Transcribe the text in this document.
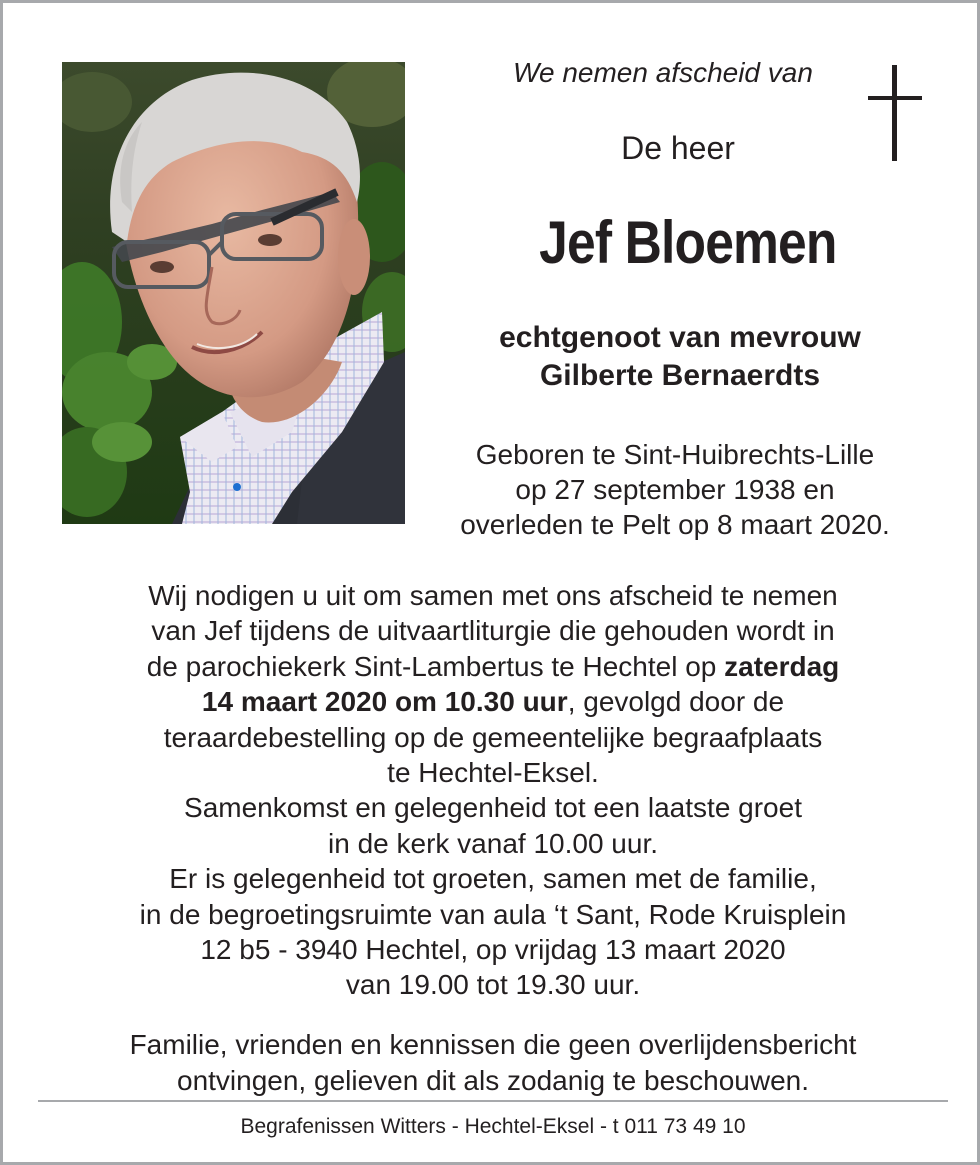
We nemen afscheid van

De heer

Jef Bloemen

echtgenoot van mevrouw
Gilberte Bernaerdts

Geboren te Sint-Huibrechts-Lille
op 27 september 1938 en
overleden te Pelt op 8 maart 2020.

Wij nodigen u uit om samen met ons afscheid te nemen
van Jef tijdens de uitvaartliturgie die gehouden wordt in
de parochiekerk Sint-Lambertus te Hechtel op zaterdag
14 maart 2020 om 10.30 uur, gevolgd door de
teraardebestelling op de gemeentelijke begraafplaats
te Hechtel-Eksel.
Samenkomst en gelegenheid tot een laatste groet
in de kerk vanaf 10.00 uur.
Er is gelegenheid tot groeten, samen met de familie,
in de begroetingsruimte van aula ‘t Sant, Rode Kruisplein
12 b5 - 3940 Hechtel, op vrijdag 13 maart 2020
van 19.00 tot 19.30 uur.

Familie, vrienden en kennissen die geen overlijdensbericht
ontvingen, gelieven dit als zodanig te beschouwen.

Begrafenissen Witters - Hechtel-Eksel - t 011 73 49 10
